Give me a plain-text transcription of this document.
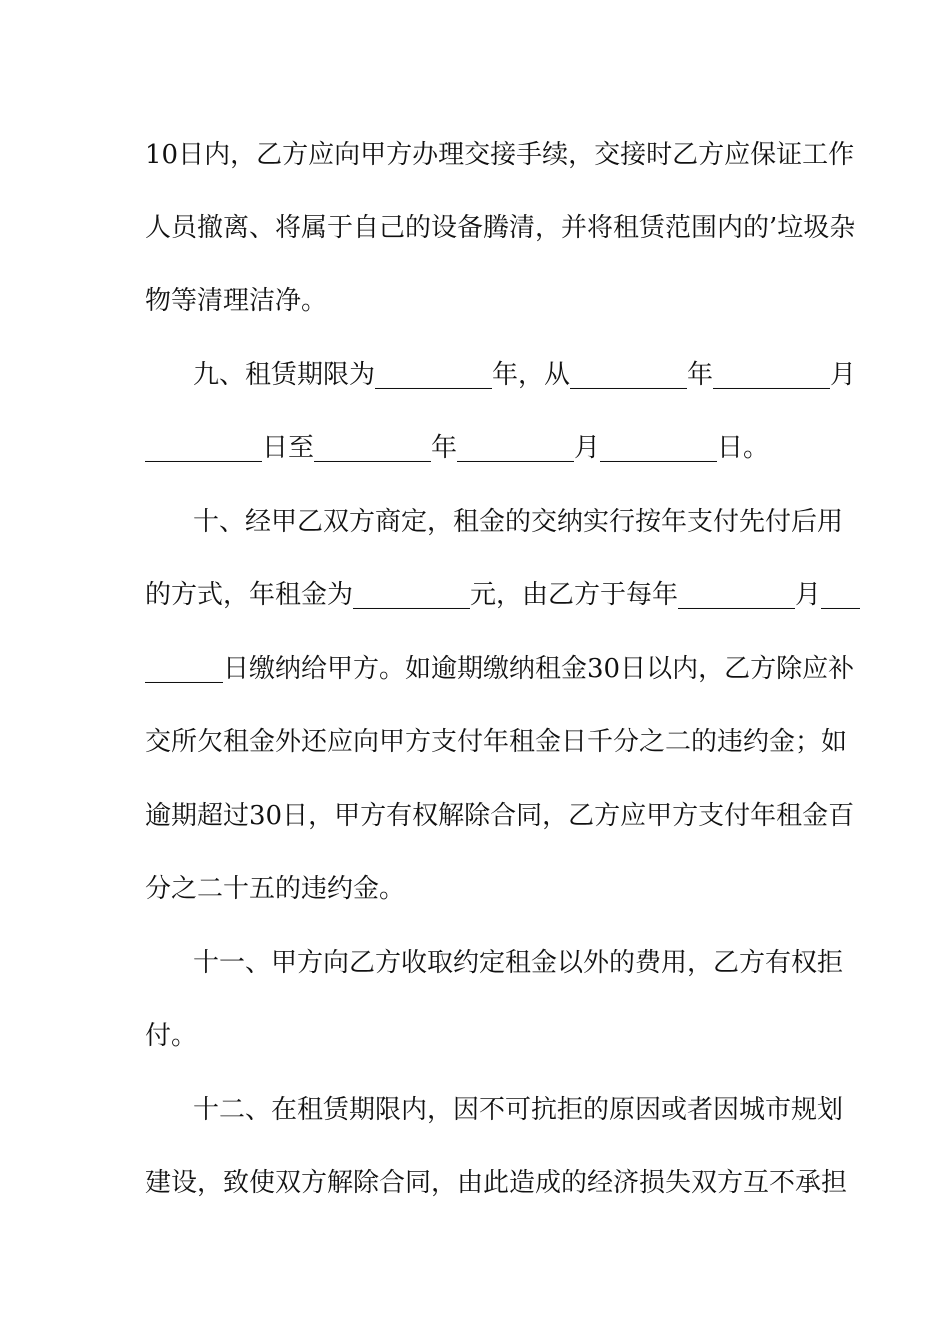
10日内，乙方应向甲方办理交接手续，交接时乙方应保证工作
人员撤离、将属于自己的设备腾清，并将租赁范围内的’垃圾杂
物等清理洁净。
九、租赁期限为_________年，从_________年_________月
_________日至_________年_________月_________日。
十、经甲乙双方商定，租金的交纳实行按年支付先付后用
的方式，年租金为_________元，由乙方于每年_________月___
______日缴纳给甲方。如逾期缴纳租金30日以内，乙方除应补
交所欠租金外还应向甲方支付年租金日千分之二的违约金；如
逾期超过30日，甲方有权解除合同，乙方应甲方支付年租金百
分之二十五的违约金。
十一、甲方向乙方收取约定租金以外的费用，乙方有权拒
付。
十二、在租赁期限内，因不可抗拒的原因或者因城市规划
建设，致使双方解除合同，由此造成的经济损失双方互不承担
